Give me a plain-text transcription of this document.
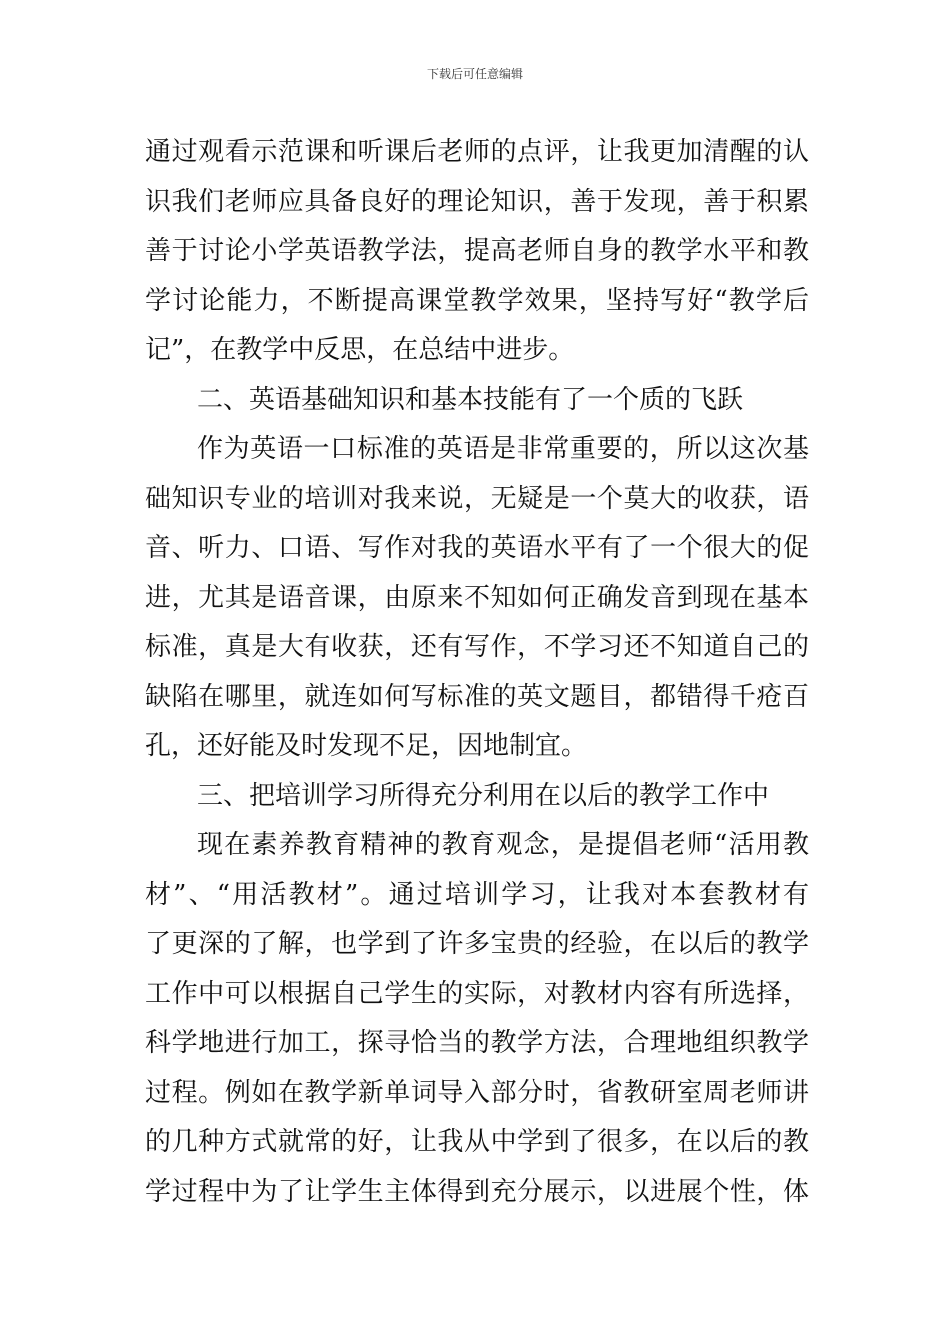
下载后可任意编辑
通过观看示范课和听课后老师的点评，让我更加清醒的认
识我们老师应具备良好的理论知识，善于发现，善于积累
善于讨论小学英语教学法，提高老师自身的教学水平和教
学讨论能力，不断提高课堂教学效果，坚持写好“教学后
记”，在教学中反思，在总结中进步。
二、英语基础知识和基本技能有了一个质的飞跃
作为英语一口标准的英语是非常重要的，所以这次基
础知识专业的培训对我来说，无疑是一个莫大的收获，语
音、听力、口语、写作对我的英语水平有了一个很大的促
进，尤其是语音课，由原来不知如何正确发音到现在基本
标准，真是大有收获，还有写作，不学习还不知道自己的
缺陷在哪里，就连如何写标准的英文题目，都错得千疮百
孔，还好能及时发现不足，因地制宜。
三、把培训学习所得充分利用在以后的教学工作中
现在素养教育精神的教育观念，是提倡老师“活用教
材”、“用活教材”。通过培训学习，让我对本套教材有
了更深的了解，也学到了许多宝贵的经验，在以后的教学
工作中可以根据自己学生的实际，对教材内容有所选择，
科学地进行加工，探寻恰当的教学方法，合理地组织教学
过程。例如在教学新单词导入部分时，省教研室周老师讲
的几种方式就常的好，让我从中学到了很多，在以后的教
学过程中为了让学生主体得到充分展示，以进展个性，体
